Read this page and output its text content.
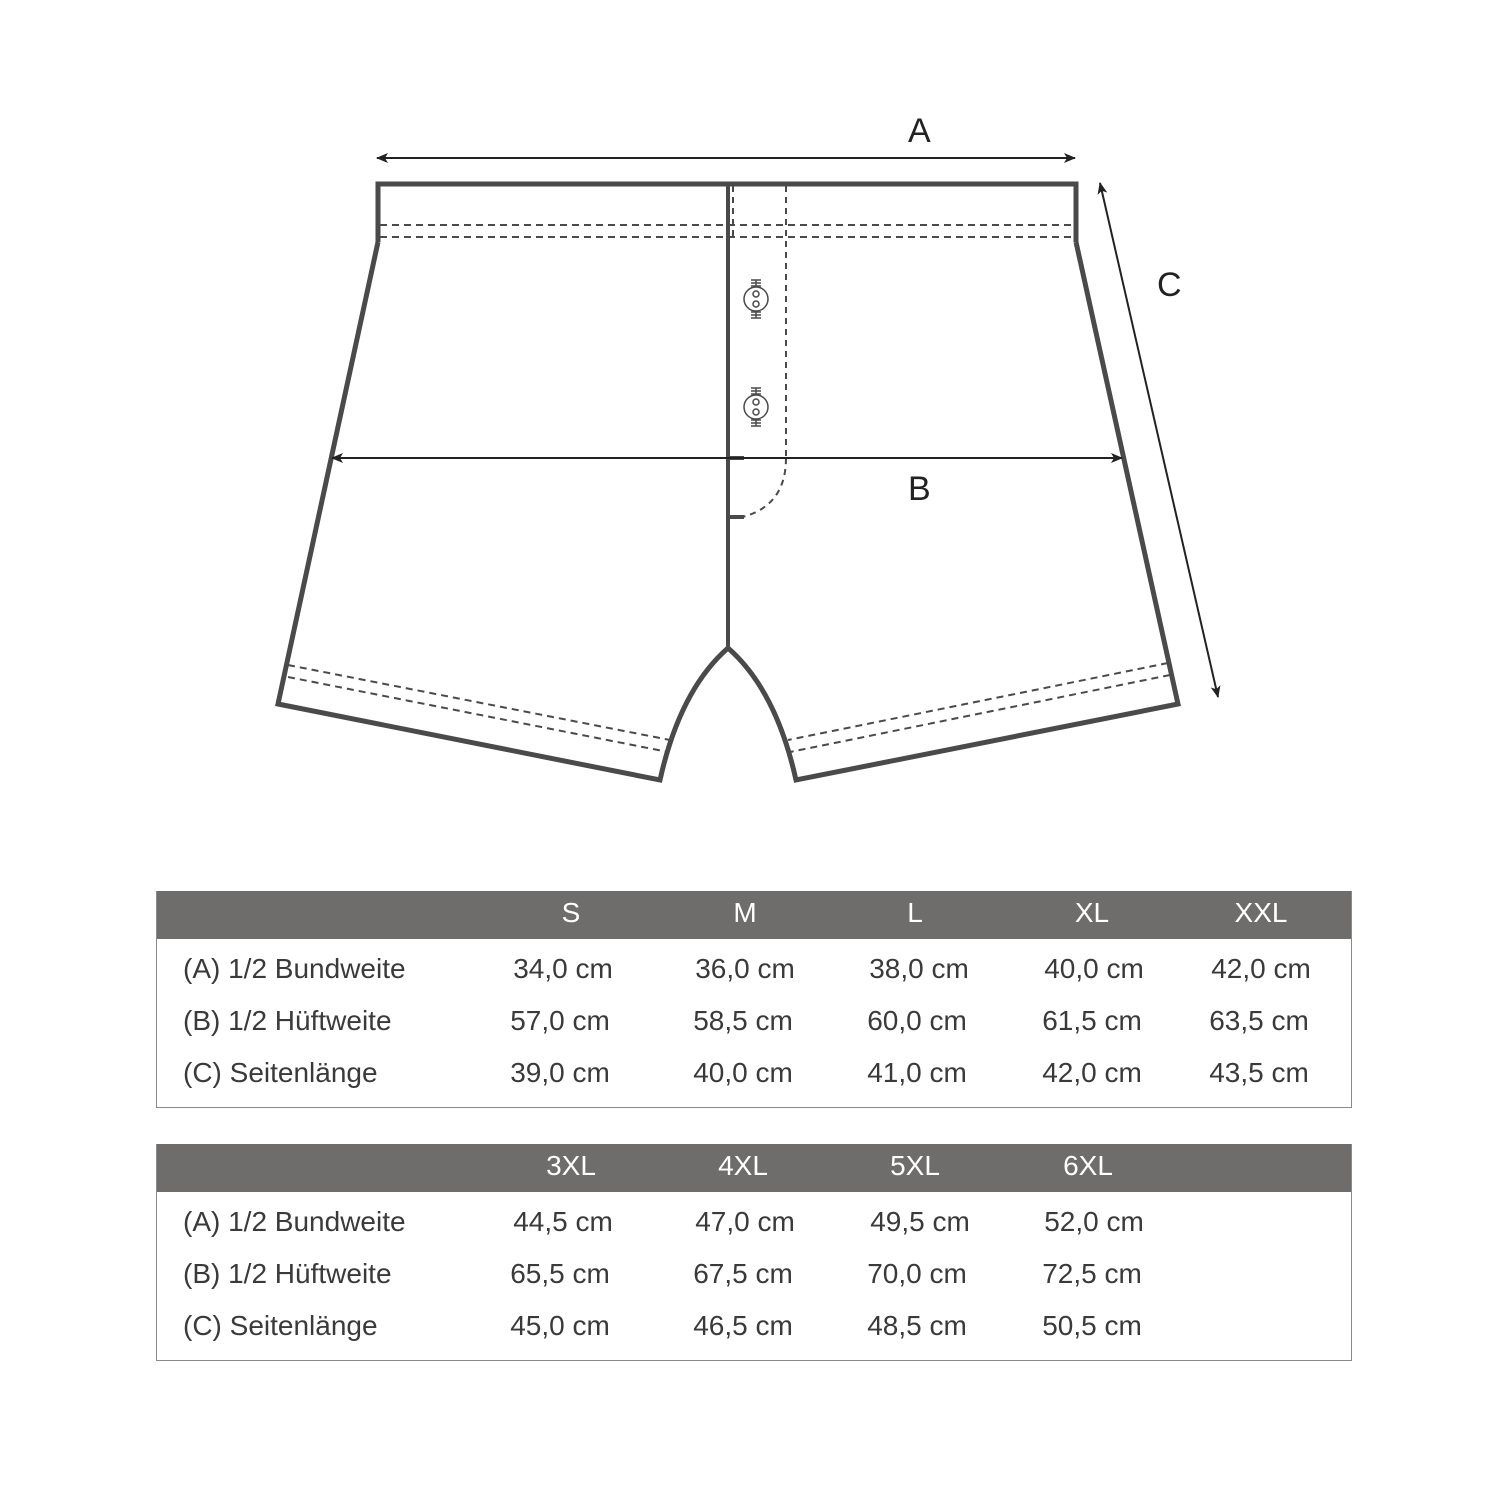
A
B
C
S	M	L	XL	XXL
(A) 1/2 Bundweite	34,0 cm	36,0 cm	38,0 cm	40,0 cm 42,0 cm
(B) 1/2 Hüftweite	57,0 cm	58,5 cm	60,0 cm	61,5 cm 63,5 cm
(C) Seitenlänge	39,0 cm	40,0 cm	41,0 cm	42,0 cm 43,5 cm
3XL	4XL	5XL	6XL
(A) 1/2 Bundweite	44,5 cm	47,0 cm	49,5 cm	52,0 cm
(B) 1/2 Hüftweite	65,5 cm	67,5 cm	70,0 cm	72,5 cm
(C) Seitenlänge	45,0 cm	46,5 cm	48,5 cm	50,5 cm
